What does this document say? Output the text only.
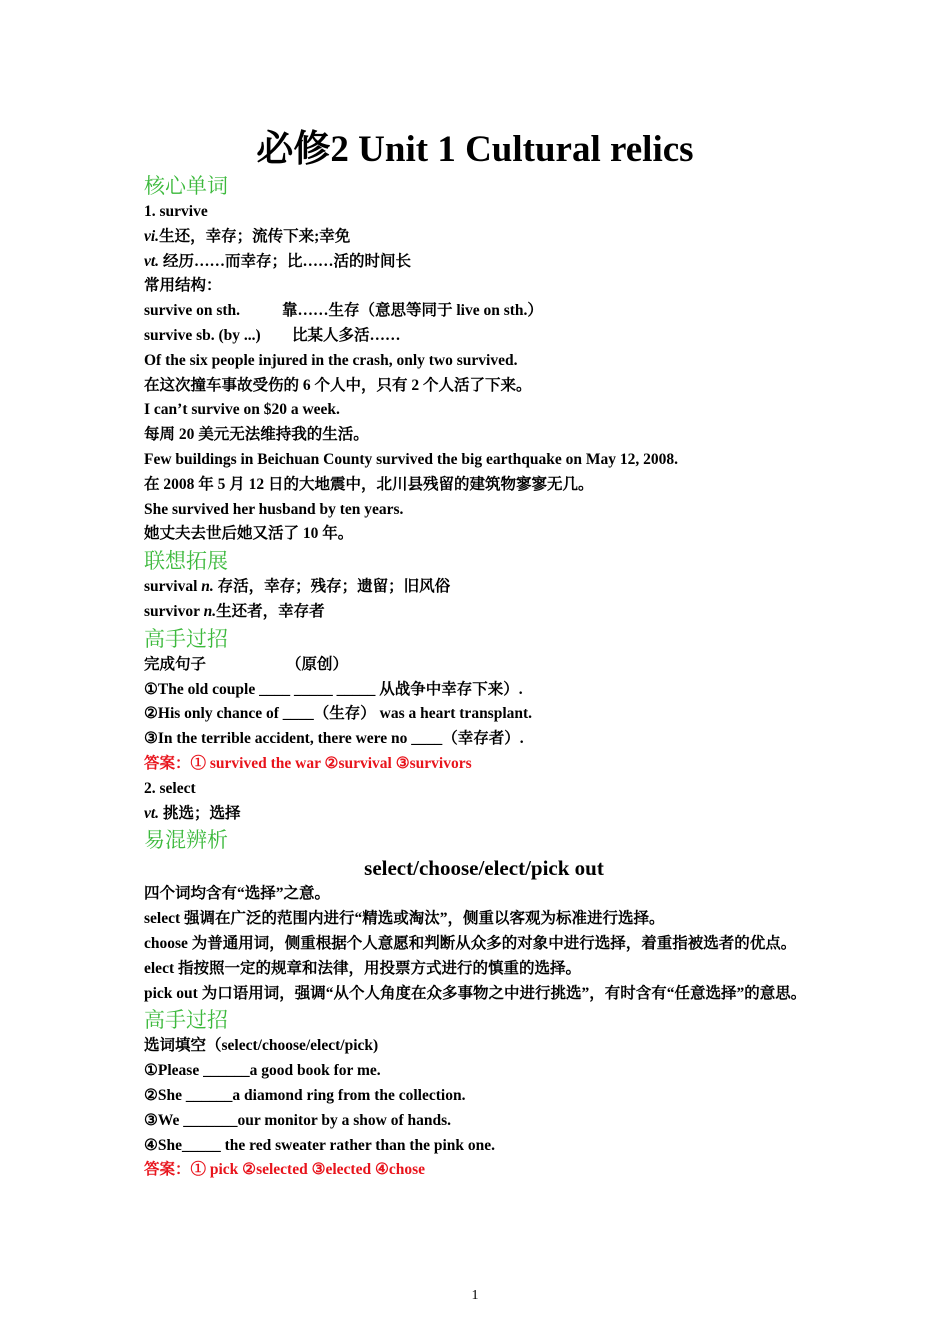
必修2 Unit 1 Cultural relics

核心单词

1. survive

vi.生还，幸存；流传下来;幸免

vt. 经历……而幸存；比……活的时间长

常用结构：

survive on sth.	靠……生存（意思等同于 live on sth.）

survive sb. (by ...) 比某人多活……

Of the six people injured in the crash, only two survived.

在这次撞车事故受伤的 6 个人中，只有 2 个人活了下来。

I can’t survive on $20 a week.

每周 20 美元无法维持我的生活。

Few buildings in Beichuan County survived the big earthquake on May 12, 2008.

在 2008 年 5 月 12 日的大地震中，北川县残留的建筑物寥寥无几。

She survived her husband by ten years.

她丈夫去世后她又活了 10 年。

联想拓展

survival n. 存活，幸存；残存；遗留；旧风俗

survivor n.生还者，幸存者

高手过招

完成句子	（原创）

①The old couple ____ _____ _____ 从战争中幸存下来）.

②His only chance of ____（生存） was a heart transplant.

③In the terrible accident, there were no ____（幸存者）.

答案：① survived the war ②survival ③survivors

2. select

vt. 挑选；选择

易混辨析

select/choose/elect/pick out

四个词均含有“选择”之意。

select 强调在广泛的范围内进行“精选或淘汰”，侧重以客观为标准进行选择。

choose 为普通用词，侧重根据个人意愿和判断从众多的对象中进行选择，着重指被选者的优点。

elect 指按照一定的规章和法律，用投票方式进行的慎重的选择。

pick out 为口语用词，强调“从个人角度在众多事物之中进行挑选”，有时含有“任意选择”的意思。

高手过招

选词填空（select/choose/elect/pick)

①Please ______a good book for me.

②She ______a diamond ring from the collection.

③We _______our monitor by a show of hands.

④She_____ the red sweater rather than the pink one.

答案：① pick ②selected ③elected ④chose

1
